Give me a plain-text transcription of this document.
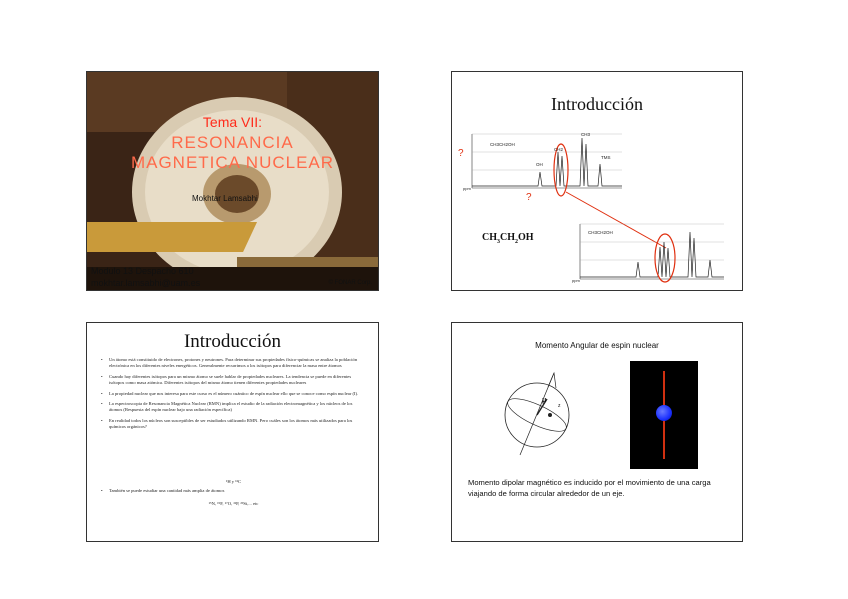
Tema VII:
RESONANCIA
MAGNETICA NUCLEAR
Mokhtar Lamsabhi
Modulo 13 Despacho 610
mokhtar.lamsabhi@uam.es	© FONAR Corp.
Introducción
?
?
CH3CH2OH
OH
CH2
CH3
TMS
CH3CH2OH
ppm
ppm
$CH_3CH_2OH$
Introducción
• Un átomo está constituido de electrones, protones y neutrones. Para determinar sus propiedades físico-químicas se analiza la población electrónica en los diferentes niveles energéticos. Generalmente recurrimos a los isótopos para diferenciar la masa entre átomos
• Cuando hay diferentes isótopos para un mismo átomo se suele hablar de propiedades nucleares. La tendencia se puede en diferentes isótopos como masa atómica. Diferentes isótopos del mismo átomo tienen diferentes propiedades nucleares
• La propiedad nuclear que nos interesa para este curso es el número cuántico de espín nuclear ello que se conoce como espín nuclear (I).
• La espectroscopia de Resonancia Magnética Nuclear (RMN) implica el estudio de la radiación electromagnética y los núcleos de los átomos (Respuesta del espín nuclear bajo una radiación específica)
• En realidad todos los núcleos son susceptibles de ser estudiados utilizando RMN. Pero cuáles son los átomos más utilizados para los químicos orgánicos?
¹H y ¹³C
• También se puede estudiar una cantidad más amplia de átomos
¹⁵N, ¹⁹F, ¹⁷O, ³¹P, ²⁹Si,... etc
Momento Angular de espin nuclear
μ
z
Momento dipolar magnético es inducido por el movimiento de una carga viajando de forma circular alrededor de un eje.
